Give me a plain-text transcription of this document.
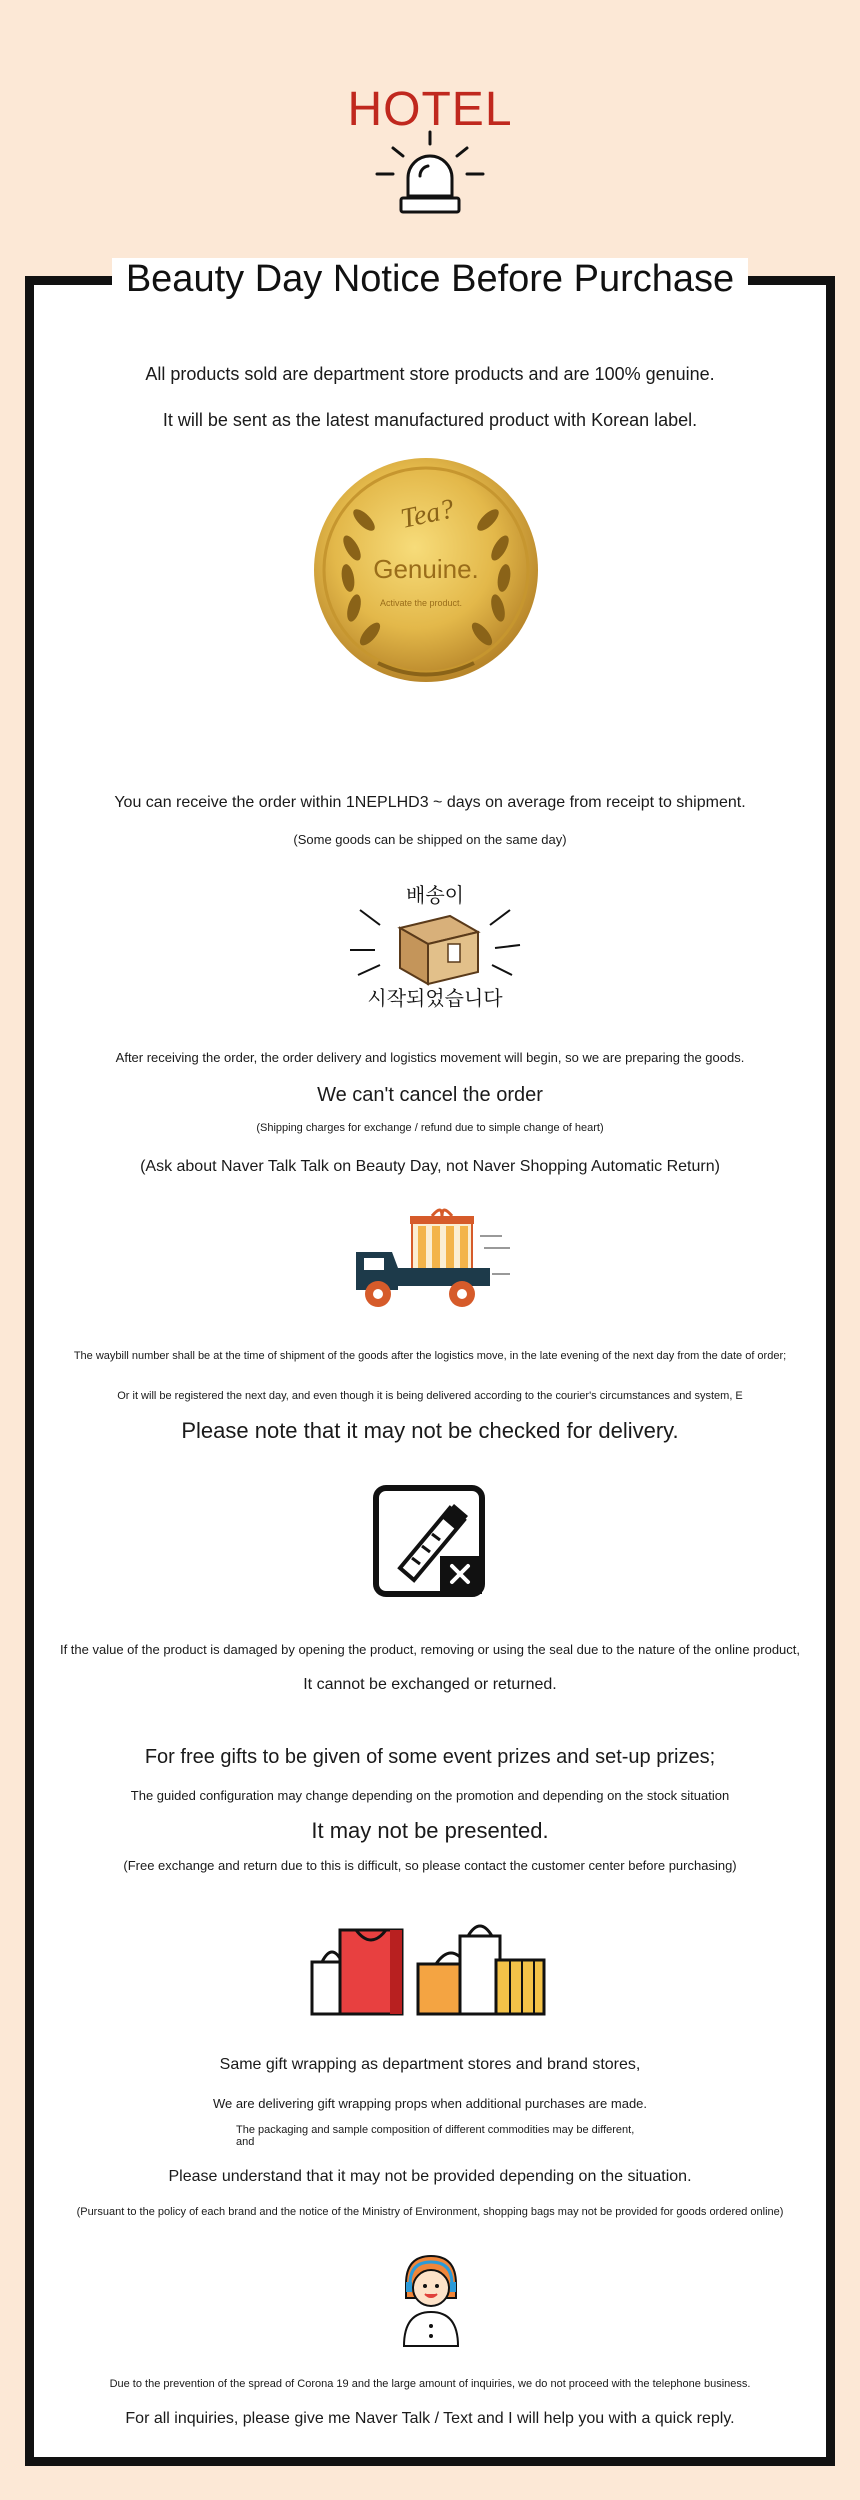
HOTEL
Beauty Day Notice Before Purchase
All products sold are department store products and are 100% genuine.
It will be sent as the latest manufactured product with Korean label.
Tea?
Genuine.
Activate the product.
You can receive the order within 1NEPLHD3 ~ days on average from receipt to shipment.
(Some goods can be shipped on the same day)
배송이
시작되었습니다
After receiving the order, the order delivery and logistics movement will begin, so we are preparing the goods.
We can't cancel the order
(Shipping charges for exchange / refund due to simple change of heart)
(Ask about Naver Talk Talk on Beauty Day, not Naver Shopping Automatic Return)
The waybill number shall be at the time of shipment of the goods after the logistics move, in the late evening of the next day from the date of order;
Or it will be registered the next day, and even though it is being delivered according to the courier's circumstances and system, E
Please note that it may not be checked for delivery.
If the value of the product is damaged by opening the product, removing or using the seal due to the nature of the online product,
It cannot be exchanged or returned.
For free gifts to be given of some event prizes and set-up prizes;
The guided configuration may change depending on the promotion and depending on the stock situation
It may not be presented.
(Free exchange and return due to this is difficult, so please contact the customer center before purchasing)
Same gift wrapping as department stores and brand stores,
We are delivering gift wrapping props when additional purchases are made.
The packaging and sample composition of different commodities may be different,
and
Please understand that it may not be provided depending on the situation.
(Pursuant to the policy of each brand and the notice of the Ministry of Environment, shopping bags may not be provided for goods ordered online)
Due to the prevention of the spread of Corona 19 and the large amount of inquiries, we do not proceed with the telephone business.
For all inquiries, please give me Naver Talk / Text and I will help you with a quick reply.
